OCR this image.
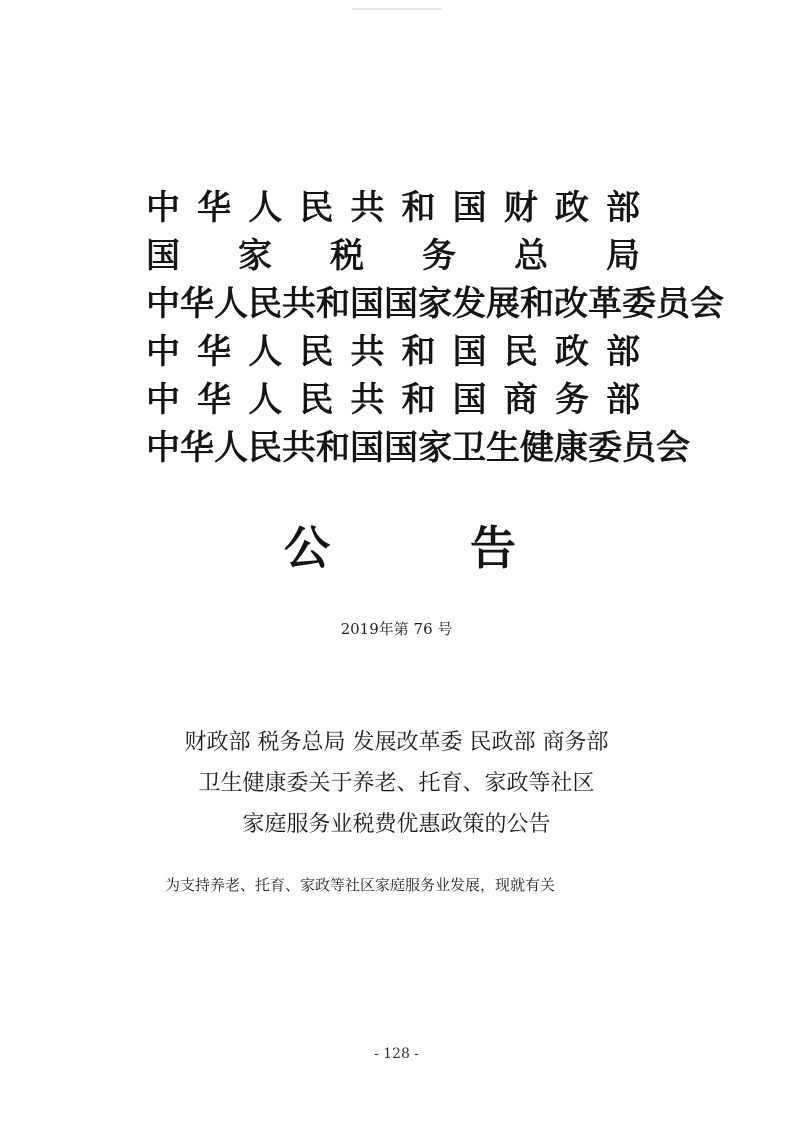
中 华 人 民 共 和 国 财 政 部
国 家 税 务 总 局
中 华 人 民 共 和 国 国 家 发 展 和 改 革 委 员 会
中 华 人 民 共 和 国 民 政 部
中 华 人 民 共 和 国 商 务 部
中 华 人 民 共 和 国 国 家 卫 生 健 康 委 员 会
公	告
2019年第 76 号
财政部 税务总局 发展改革委 民政部 商务部
卫生健康委关于养老、托育、家政等社区
家庭服务业税费优惠政策的公告
为支持养老、托育、家政等社区家庭服务业发展，现就有关
- 128 -
